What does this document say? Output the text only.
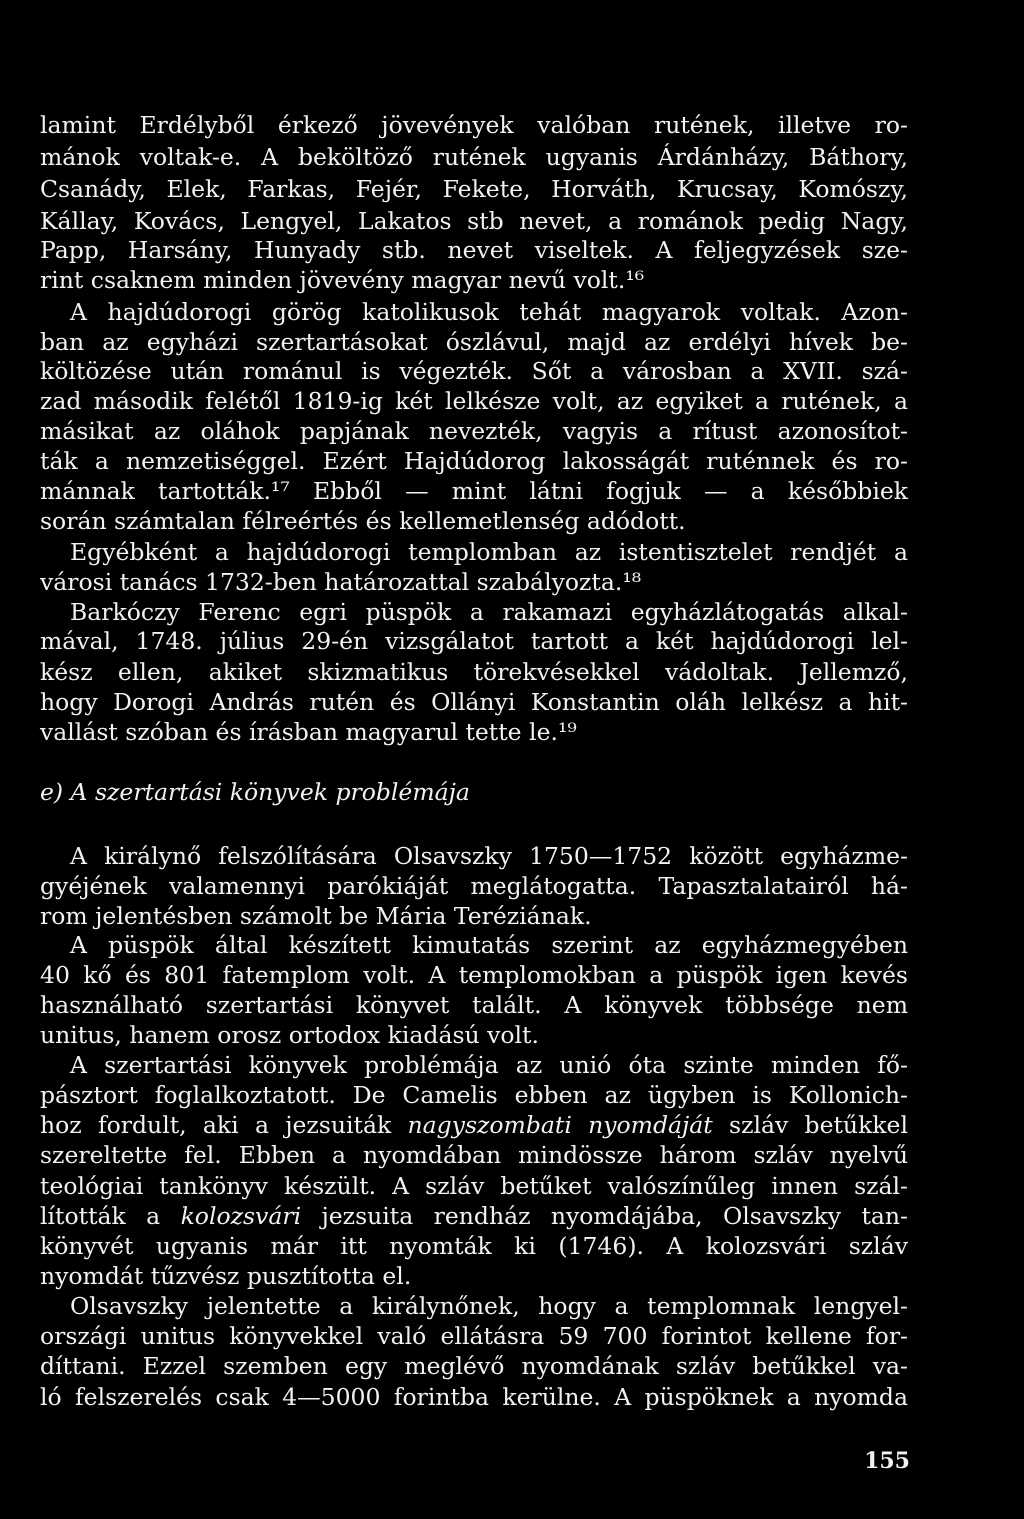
lamint Erdélyből érkező jövevények valóban rutének, illetve ro-
mánok voltak-e. A beköltöző rutének ugyanis Árdánházy, Báthory,
Csanády, Elek, Farkas, Fejér, Fekete, Horváth, Krucsay, Komószy,
Kállay, Kovács, Lengyel, Lakatos stb nevet, a románok pedig Nagy,
Papp, Harsány, Hunyady stb. nevet viseltek. A feljegyzések sze-
rint csaknem minden jövevény magyar nevű volt.¹⁶
A hajdúdorogi görög katolikusok tehát magyarok voltak. Azon-
ban az egyházi szertartásokat ószlávul, majd az erdélyi hívek be-
költözése után románul is végezték. Sőt a városban a XVII. szá-
zad második felétől 1819-ig két lelkésze volt, az egyiket a rutének, a
másikat az oláhok papjának nevezték, vagyis a rítust azonosítot-
ták a nemzetiséggel. Ezért Hajdúdorog lakosságát ruténnek és ro-
mánnak tartották.¹⁷ Ebből — mint látni fogjuk — a későbbiek
során számtalan félreértés és kellemetlenség adódott.
Egyébként a hajdúdorogi templomban az istentisztelet rendjét a
városi tanács 1732-ben határozattal szabályozta.¹⁸
Barkóczy Ferenc egri püspök a rakamazi egyházlátogatás alkal-
mával, 1748. július 29-én vizsgálatot tartott a két hajdúdorogi lel-
kész ellen, akiket skizmatikus törekvésekkel vádoltak. Jellemző,
hogy Dorogi András rutén és Ollányi Konstantin oláh lelkész a hit-
vallást szóban és írásban magyarul tette le.¹⁹
e) A szertartási könyvek problémája
A királynő felszólítására Olsavszky 1750—1752 között egyházme-
gyéjének valamennyi parókiáját meglátogatta. Tapasztalatairól há-
rom jelentésben számolt be Mária Teréziának.
A püspök által készített kimutatás szerint az egyházmegyében
40 kő és 801 fatemplom volt. A templomokban a püspök igen kevés
használható szertartási könyvet talált. A könyvek többsége nem
unitus, hanem orosz ortodox kiadású volt.
A szertartási könyvek problémája az unió óta szinte minden fő-
pásztort foglalkoztatott. De Camelis ebben az ügyben is Kollonich-
hoz fordult, aki a jezsuiták nagyszombati nyomdáját szláv betűkkel
szereltette fel. Ebben a nyomdában mindössze három szláv nyelvű
teológiai tankönyv készült. A szláv betűket valószínűleg innen szál-
lították a kolozsvári jezsuita rendház nyomdájába, Olsavszky tan-
könyvét ugyanis már itt nyomták ki (1746). A kolozsvári szláv
nyomdát tűzvész pusztította el.
Olsavszky jelentette a királynőnek, hogy a templomnak lengyel-
országi unitus könyvekkel való ellátásra 59 700 forintot kellene for-
díttani. Ezzel szemben egy meglévő nyomdának szláv betűkkel va-
ló felszerelés csak 4—5000 forintba kerülne. A püspöknek a nyomda
155
